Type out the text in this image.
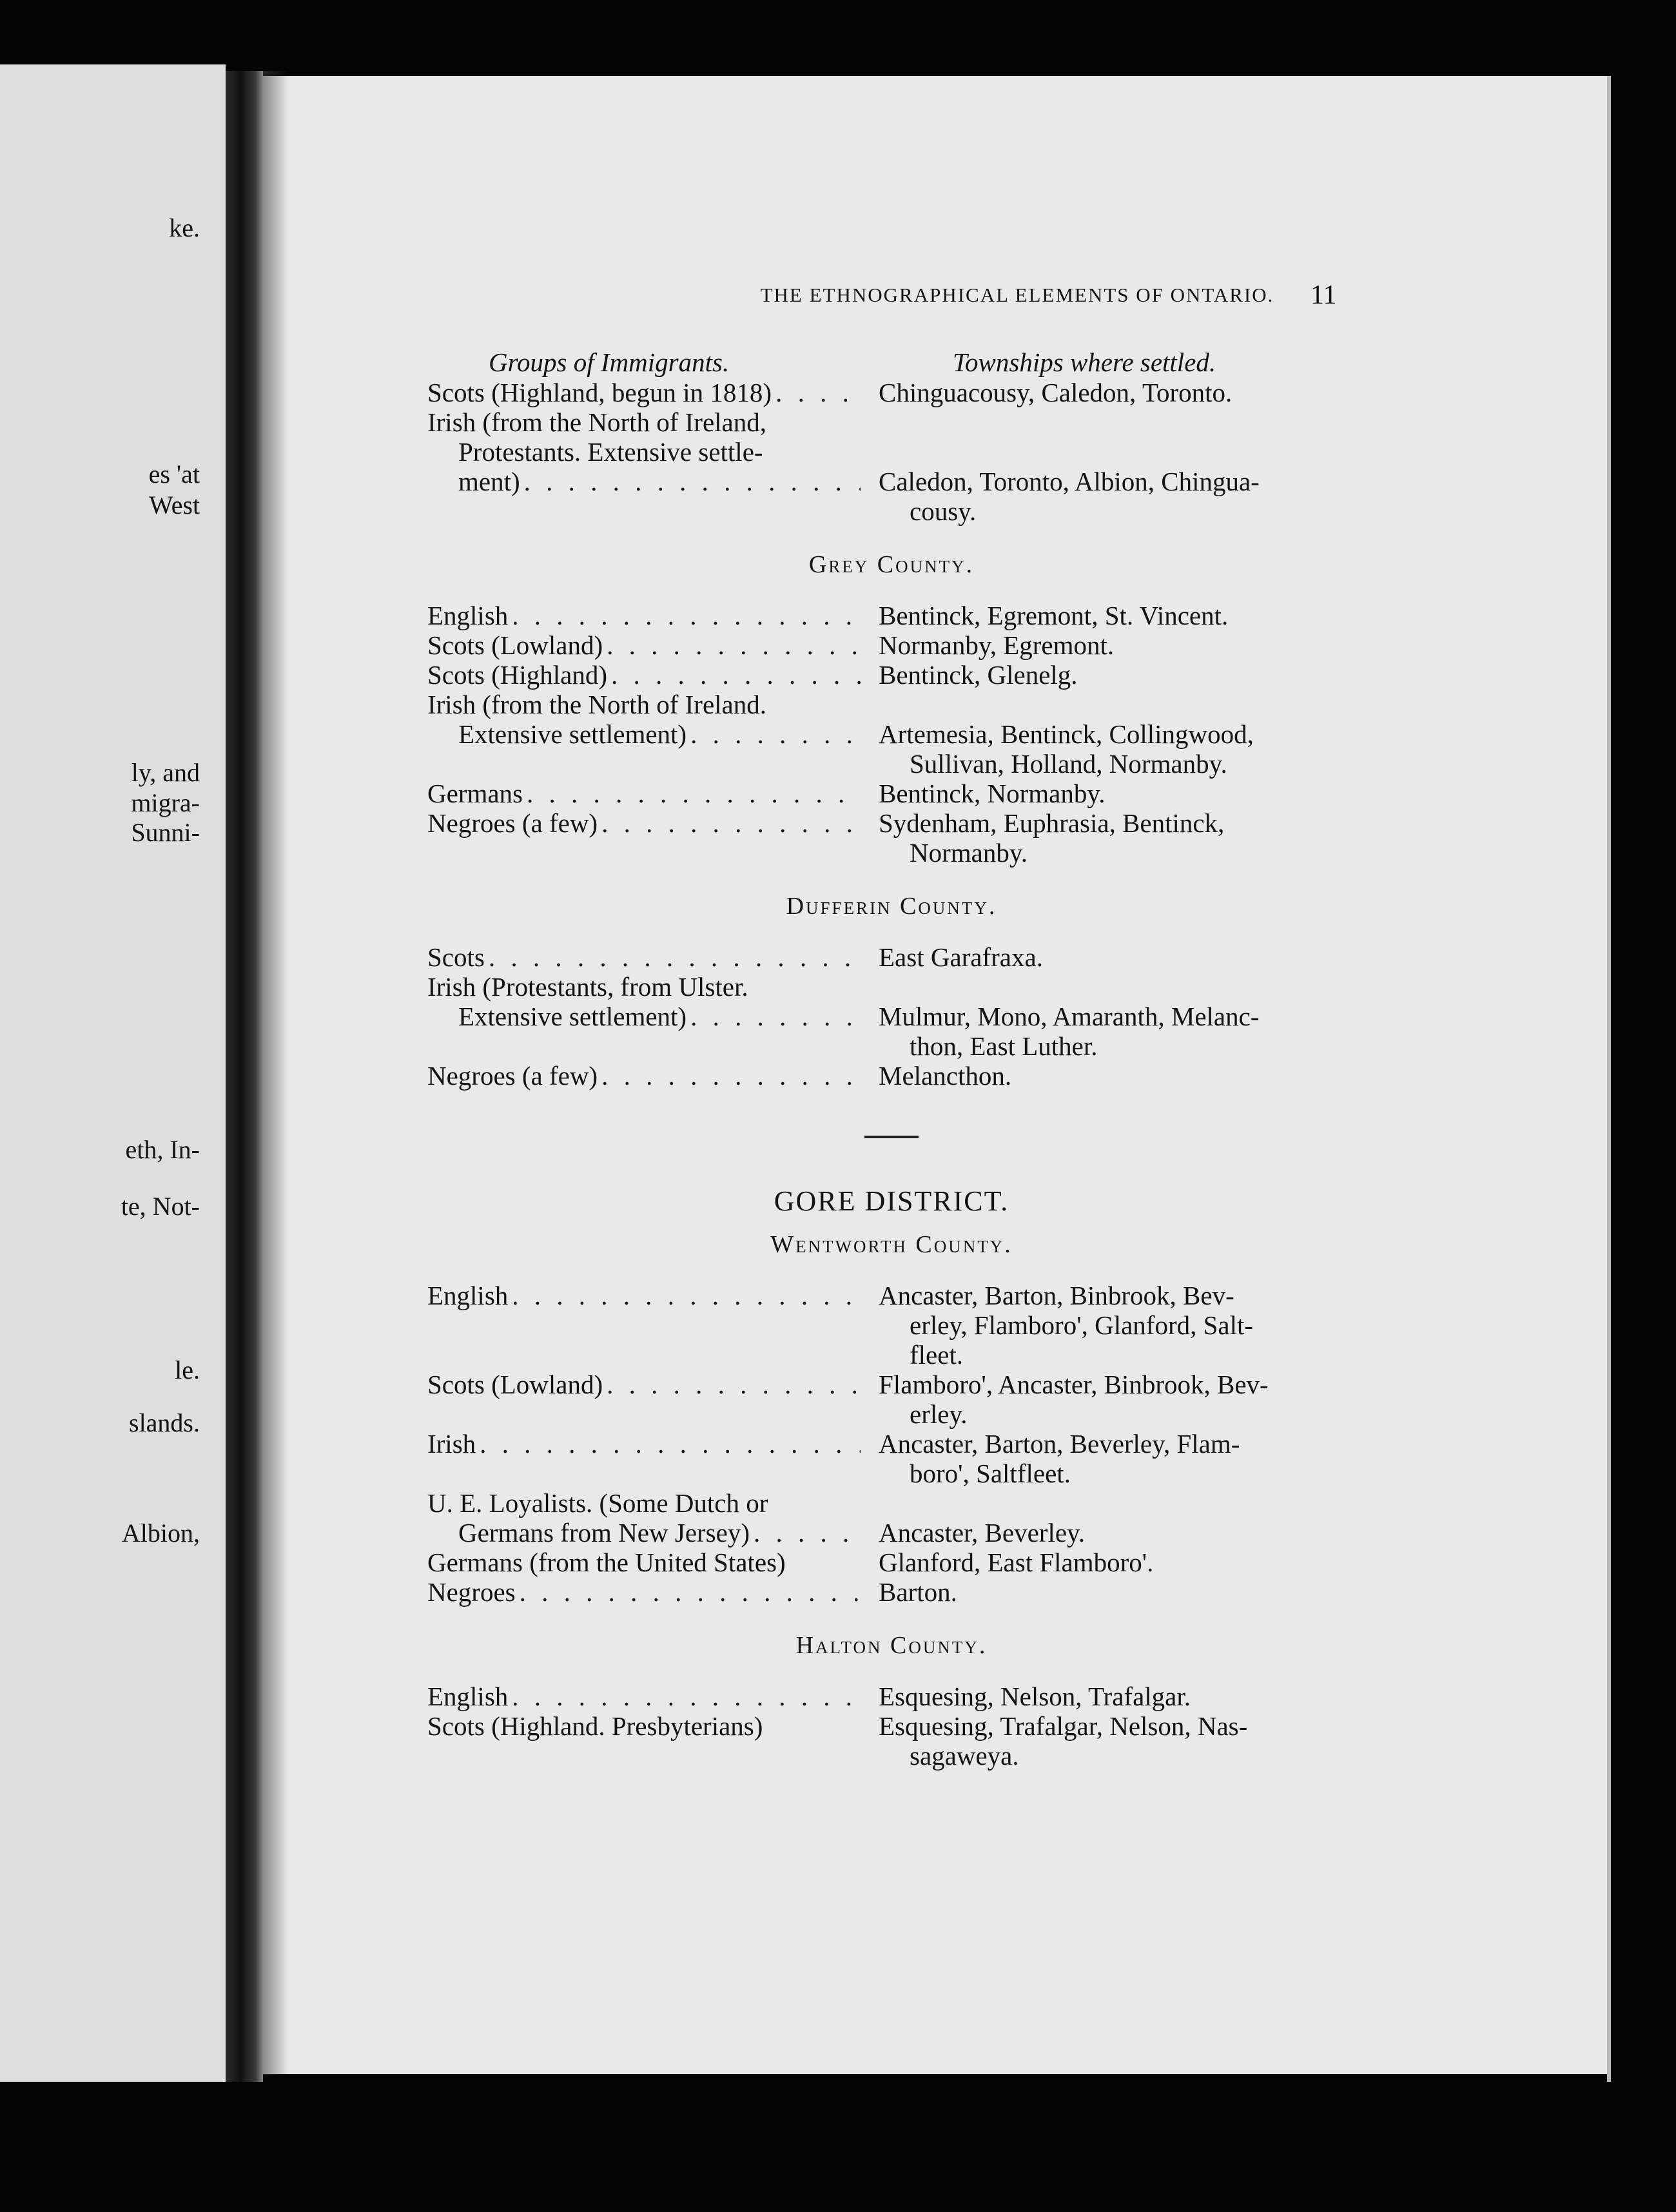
ke.
es 'at
West
ly, and
migra-
Sunni-
eth, In-
te, Not-
le.
slands.
Albion,
THE ETHNOGRAPHICAL ELEMENTS OF ONTARIO.	11
Groups of Immigrants.	Townships where settled.
Scots (Highland, begun in 1818) . . .	Chinguacousy, Caledon, Toronto.
Irish (from the North of Ireland,
Protestants. Extensive settle-
ment) . . .	Caledon, Toronto, Albion, Chingua-
cousy.
Grey County.
English . . .	Bentinck, Egremont, St. Vincent.
Scots (Lowland) . . .	Normanby, Egremont.
Scots (Highland) . . .	Bentinck, Glenelg.
Irish (from the North of Ireland.
Extensive settlement) . . .	Artemesia, Bentinck, Collingwood,
Sullivan, Holland, Normanby.
Germans . . .	Bentinck, Normanby.
Negroes (a few) . . .	Sydenham, Euphrasia, Bentinck,
Normanby.
Dufferin County.
Scots . . .	East Garafraxa.
Irish (Protestants, from Ulster.
Extensive settlement) . . .	Mulmur, Mono, Amaranth, Melanc-
thon, East Luther.
Negroes (a few) . . .	Melancthon.
GORE DISTRICT.
Wentworth County.
English . . .	Ancaster, Barton, Binbrook, Bev-
erley, Flamboro', Glanford, Salt-
fleet.
Scots (Lowland) . . .	Flamboro', Ancaster, Binbrook, Bev-
erley.
Irish . . .	Ancaster, Barton, Beverley, Flam-
boro', Saltfleet.
U. E. Loyalists. (Some Dutch or
Germans from New Jersey) . . .	Ancaster, Beverley.
Germans (from the United States)	Glanford, East Flamboro'.
Negroes . . .	Barton.
Halton County.
English . . .	Esquesing, Nelson, Trafalgar.
Scots (Highland. Presbyterians)	Esquesing, Trafalgar, Nelson, Nas-
sagaweya.
